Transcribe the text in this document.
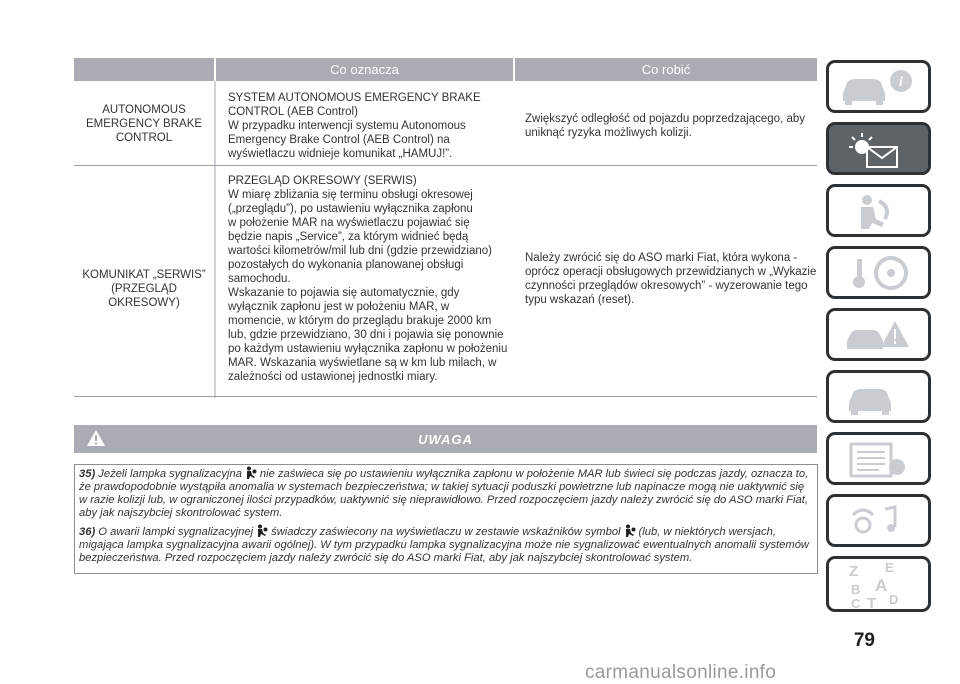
Co oznacza	Co robić
AUTONOMOUS EMERGENCY BRAKE CONTROL
SYSTEM AUTONOMOUS EMERGENCY BRAKE
CONTROL (AEB Control)
W przypadku interwencji systemu Autonomous
Emergency Brake Control (AEB Control) na
wyświetlaczu widnieje komunikat „HAMUJ!”.
Zwiększyć odległość od pojazdu poprzedzającego, aby uniknąć ryzyka możliwych kolizji.
KOMUNIKAT „SERWIS” (PRZEGLĄD OKRESOWY)
PRZEGLĄD OKRESOWY (SERWIS)
W miarę zbliżania się terminu obsługi okresowej
(„przeglądu”), po ustawieniu wyłącznika zapłonu
w położenie MAR na wyświetlaczu pojawiać się
będzie napis „Service”, za którym widnieć będą
wartości kilometrów/mil lub dni (gdzie przewidziano)
pozostałych do wykonania planowanej obsługi
samochodu.
Wskazanie to pojawia się automatycznie, gdy
wyłącznik zapłonu jest w położeniu MAR, w
momencie, w którym do przeglądu brakuje 2000 km
lub, gdzie przewidziano, 30 dni i pojawia się ponownie
po każdym ustawieniu wyłącznika zapłonu w położeniu
MAR. Wskazania wyświetlane są w km lub milach, w
zależności od ustawionej jednostki miary.
Należy zwrócić się do ASO marki Fiat, która wykona - oprócz operacji obsługowych przewidzianych w „Wykazie czynności przeglądów okresowych” - wyzerowanie tego typu wskazań (reset).
UWAGA
35) Jeżeli lampka sygnalizacyjna nie zaświeca się po ustawieniu wyłącznika zapłonu w położenie MAR lub świeci się podczas jazdy, oznacza to, że prawdopodobnie wystąpiła anomalia w systemach bezpieczeństwa; w takiej sytuacji poduszki powietrzne lub napinacze mogą nie uaktywnić się w razie kolizji lub, w ograniczonej ilości przypadków, uaktywnić się nieprawidłowo. Przed rozpoczęciem jazdy należy zwrócić się do ASO marki Fiat, aby jak najszybciej skontrolować system.
36) O awarii lampki sygnalizacyjnej świadczy zaświecony na wyświetlaczu w zestawie wskaźników symbol (lub, w niektórych wersjach, migająca lampka sygnalizacyjna awarii ogólnej). W tym przypadku lampka sygnalizacyjna może nie sygnalizować ewentualnych anomalii systemów bezpieczeństwa. Przed rozpoczęciem jazdy należy zwrócić się do ASO marki Fiat, aby jak najszybciej skontrolować system.
i
Z E
B A
C T D
79
carmanualsonline.info
